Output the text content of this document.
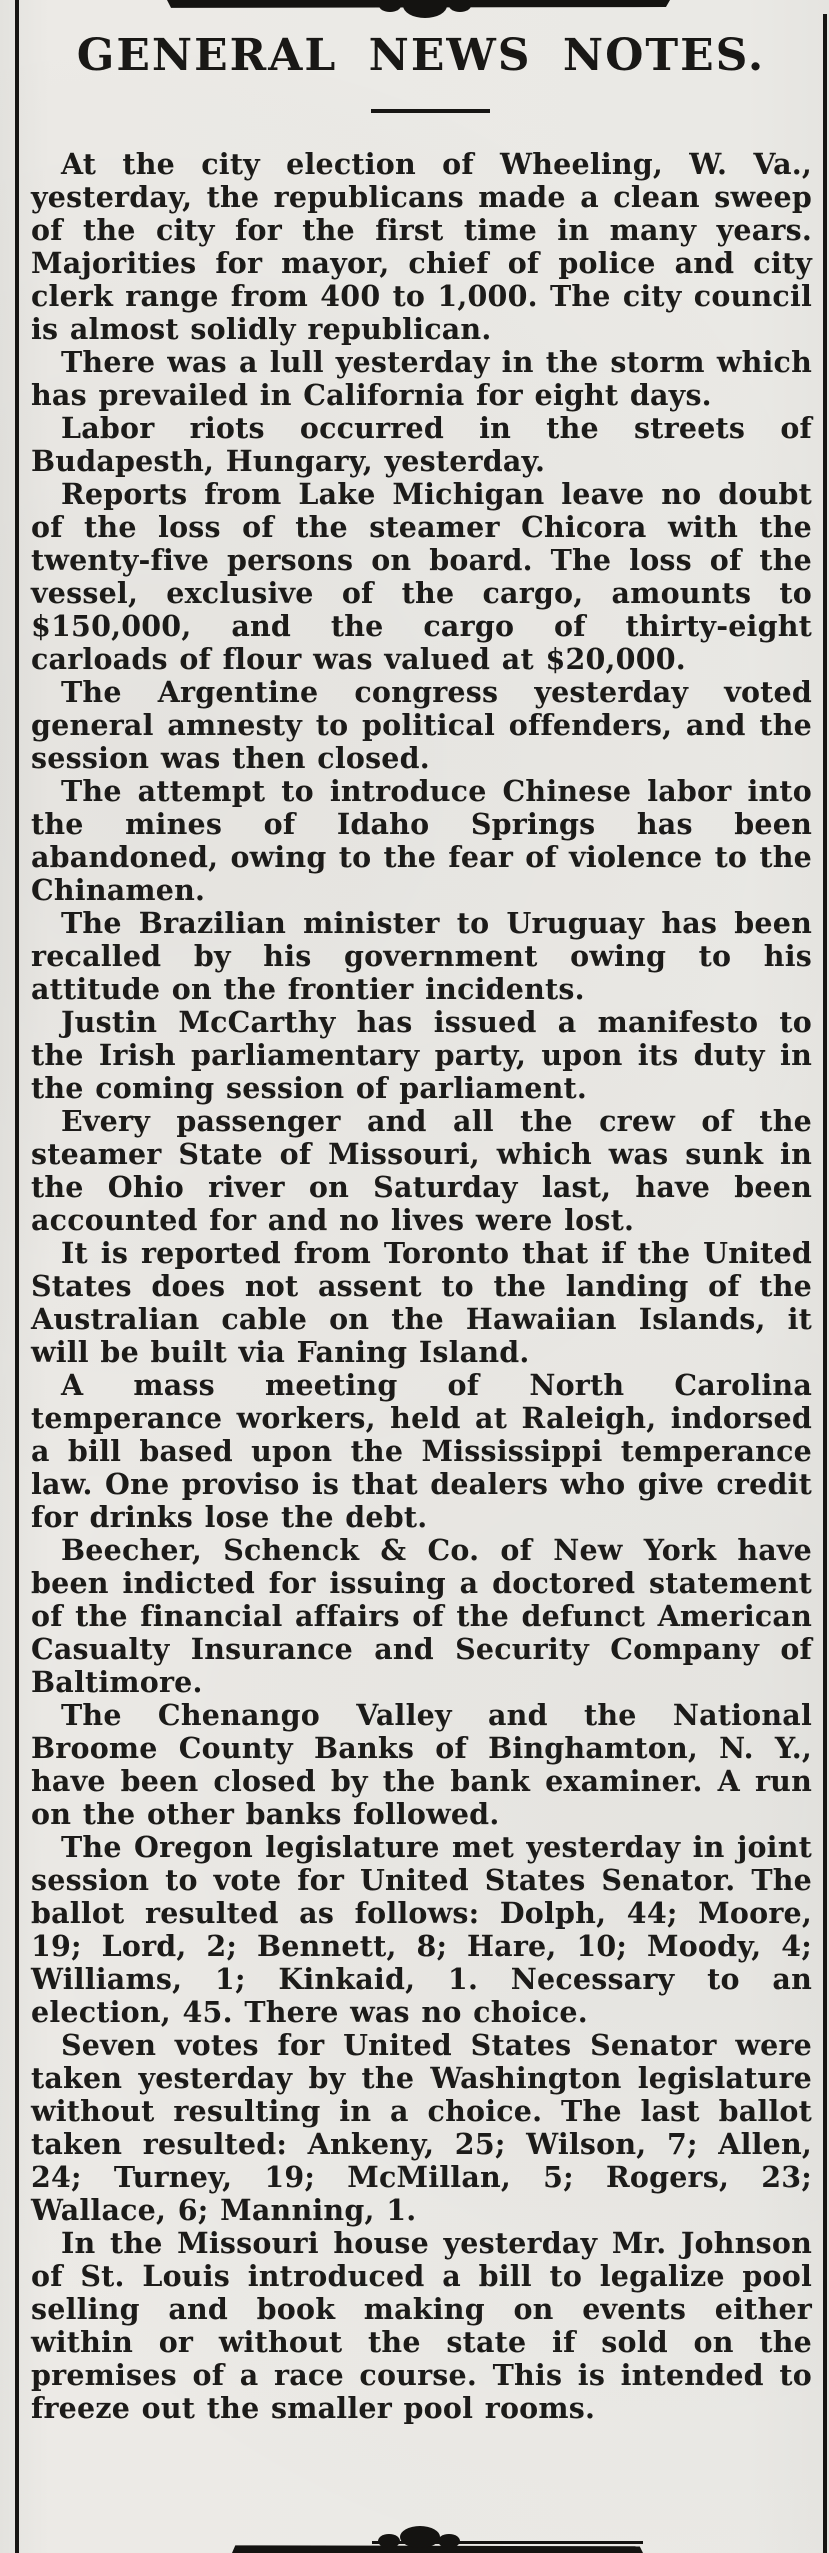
GENERAL NEWS NOTES.

At the city election of Wheeling, W. Va., yesterday, the republicans made a clean sweep of the city for the first time in many years. Majorities for mayor, chief of police and city clerk range from 400 to 1,000. The city council is almost solidly republican.

There was a lull yesterday in the storm which has prevailed in California for eight days.

Labor riots occurred in the streets of Budapesth, Hungary, yesterday.

Reports from Lake Michigan leave no doubt of the loss of the steamer Chicora with the twenty-five persons on board. The loss of the vessel, exclusive of the cargo, amounts to $150,000, and the cargo of thirty-eight carloads of flour was valued at $20,000.

The Argentine congress yesterday voted general amnesty to political offenders, and the session was then closed.

The attempt to introduce Chinese labor into the mines of Idaho Springs has been abandoned, owing to the fear of violence to the Chinamen.

The Brazilian minister to Uruguay has been recalled by his government owing to his attitude on the frontier incidents.

Justin McCarthy has issued a manifesto to the Irish parliamentary party, upon its duty in the coming session of parliament.

Every passenger and all the crew of the steamer State of Missouri, which was sunk in the Ohio river on Saturday last, have been accounted for and no lives were lost.

It is reported from Toronto that if the United States does not assent to the landing of the Australian cable on the Hawaiian Islands, it will be built via Faning Island.

A mass meeting of North Carolina temperance workers, held at Raleigh, indorsed a bill based upon the Mississippi temperance law. One proviso is that dealers who give credit for drinks lose the debt.

Beecher, Schenck & Co. of New York have been indicted for issuing a doctored statement of the financial affairs of the defunct American Casualty Insurance and Security Company of Baltimore.

The Chenango Valley and the National Broome County Banks of Binghamton, N. Y., have been closed by the bank examiner. A run on the other banks followed.

The Oregon legislature met yesterday in joint session to vote for United States Senator. The ballot resulted as follows: Dolph, 44; Moore, 19; Lord, 2; Bennett, 8; Hare, 10; Moody, 4; Williams, 1; Kinkaid, 1. Necessary to an election, 45. There was no choice.

Seven votes for United States Senator were taken yesterday by the Washington legislature without resulting in a choice. The last ballot taken resulted: Ankeny, 25; Wilson, 7; Allen, 24; Turney, 19; McMillan, 5; Rogers, 23; Wallace, 6; Manning, 1.

In the Missouri house yesterday Mr. Johnson of St. Louis introduced a bill to legalize pool selling and book making on events either within or without the state if sold on the premises of a race course. This is intended to freeze out the smaller pool rooms.
